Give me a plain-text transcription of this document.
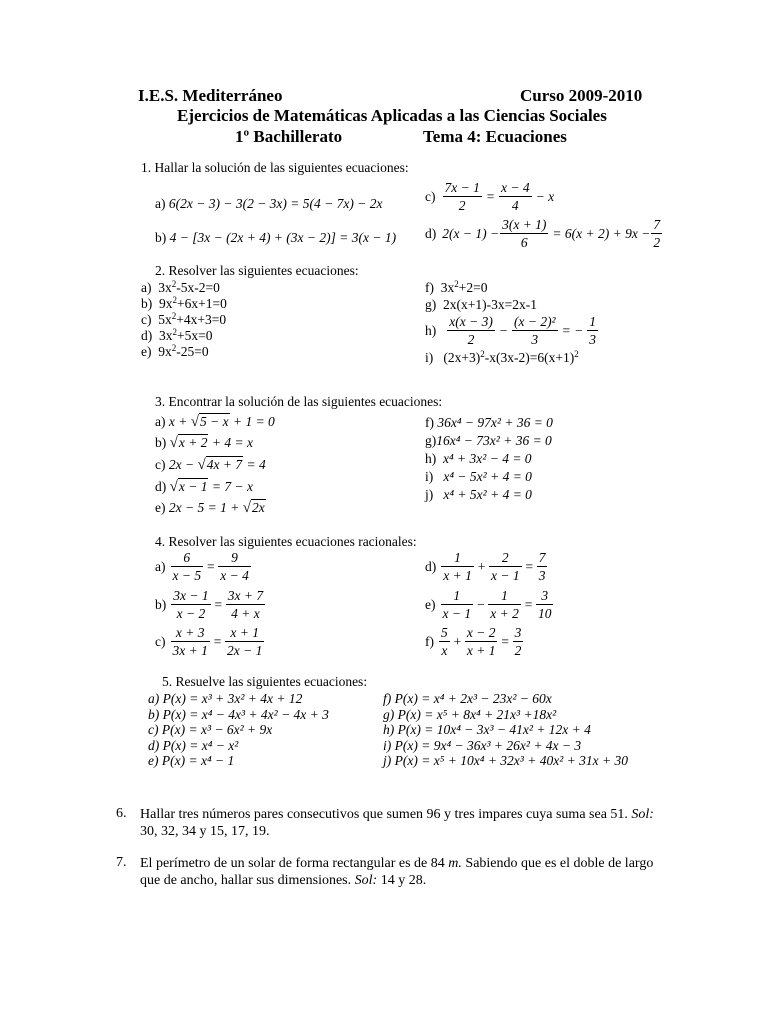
I.E.S. Mediterráneo	Curso 2009-2010
Ejercicios de Matemáticas Aplicadas a las Ciencias Sociales
1º Bachillerato	Tema 4: Ecuaciones
1. Hallar la solución de las siguientes ecuaciones:
a) 6(2x − 3) − 3(2 − 3x) = 5(4 − 7x) − 2x
b) 4 − [3x − (2x + 4) + (3x − 2)] = 3(x − 1)
$c) \frac{7x - 1}{2} = \frac{x - 4}{4} - x$
d) $2(x - 1) - \frac{3(x + 1)}{6} = 6(x + 2) + 9x - \frac{7}{2}$
2. Resolver las siguientes ecuaciones:
a) $3x^2-5x-2=0$
b) $9x^2+6x+1=0$
c) $5x^2+4x+3=0$
d) $3x^2+5x=0$
e) $9x^2-25=0$
f) $3x^2+2=0$
g) 2x(x+1)-3x=2x-1
$h) \frac{x(x - 3)}{2} - \frac{\text{(x − 2)²}}{3}$ = − $\frac{1}{3}$
i) $(2x+3)^2-x(3x-2)=6(x+1)^2$
3. Encontrar la solución de las siguientes ecuaciones:
a) x + √5 − x + 1 = 0
b) √x + 2 + 4 = x
c) 2x − √4x + 7 = 4
d) √x − 1 = 7 − x
e) 2x − 5 = 1 + √2x
f) 36x⁴ − 97x² + 36 = 0
g)16x⁴ − 73x² + 36 = 0
h) x⁴ + 3x² − 4 = 0
i) x⁴ − 5x² + 4 = 0
j) x⁴ + 5x² + 4 = 0
4. Resolver las siguientes ecuaciones racionales:
$a) \frac{6}{x - 5} = \frac{9}{x - 4}$
$b) \frac{3x - 1}{x - 2} = \frac{3x + 7}{4 + x}$
$c) \frac{x + 3}{3x + 1} = \frac{x + 1}{2x - 1}$
$d) \frac{1}{x + 1} + \frac{2}{x - 1} = \frac{7}{3}$
$e) \frac{1}{x - 1} - \frac{1}{x + 2} = \frac{3}{10}$
$f) \frac{5}{x} + \frac{x - 2}{x + 1} = \frac{3}{2}$
5. Resuelve las siguientes ecuaciones:
a) P(x) = x³ + 3x² + 4x + 12
b) P(x) = x⁴ − 4x³ + 4x² − 4x + 3
c) P(x) = x³ − 6x² + 9x
d) P(x) = x⁴ − x²
e) P(x) = x⁴ − 1
f) P(x) = x⁴ + 2x³ − 23x² − 60x
g) P(x) = x⁵ + 8x⁴ + 21x³ +18x²
h) P(x) = 10x⁴ − 3x³ − 41x² + 12x + 4
i) P(x) = 9x⁴ − 36x³ + 26x² + 4x − 3
j) P(x) = x⁵ + 10x⁴ + 32x³ + 40x² + 31x + 30
6. Hallar tres números pares consecutivos que sumen 96 y tres impares cuya suma sea 51. Sol:
30, 32, 34 y 15, 17, 19.
7. El perímetro de un solar de forma rectangular es de 84 m. Sabiendo que es el doble de largo
que de ancho, hallar sus dimensiones. Sol: 14 y 28.
